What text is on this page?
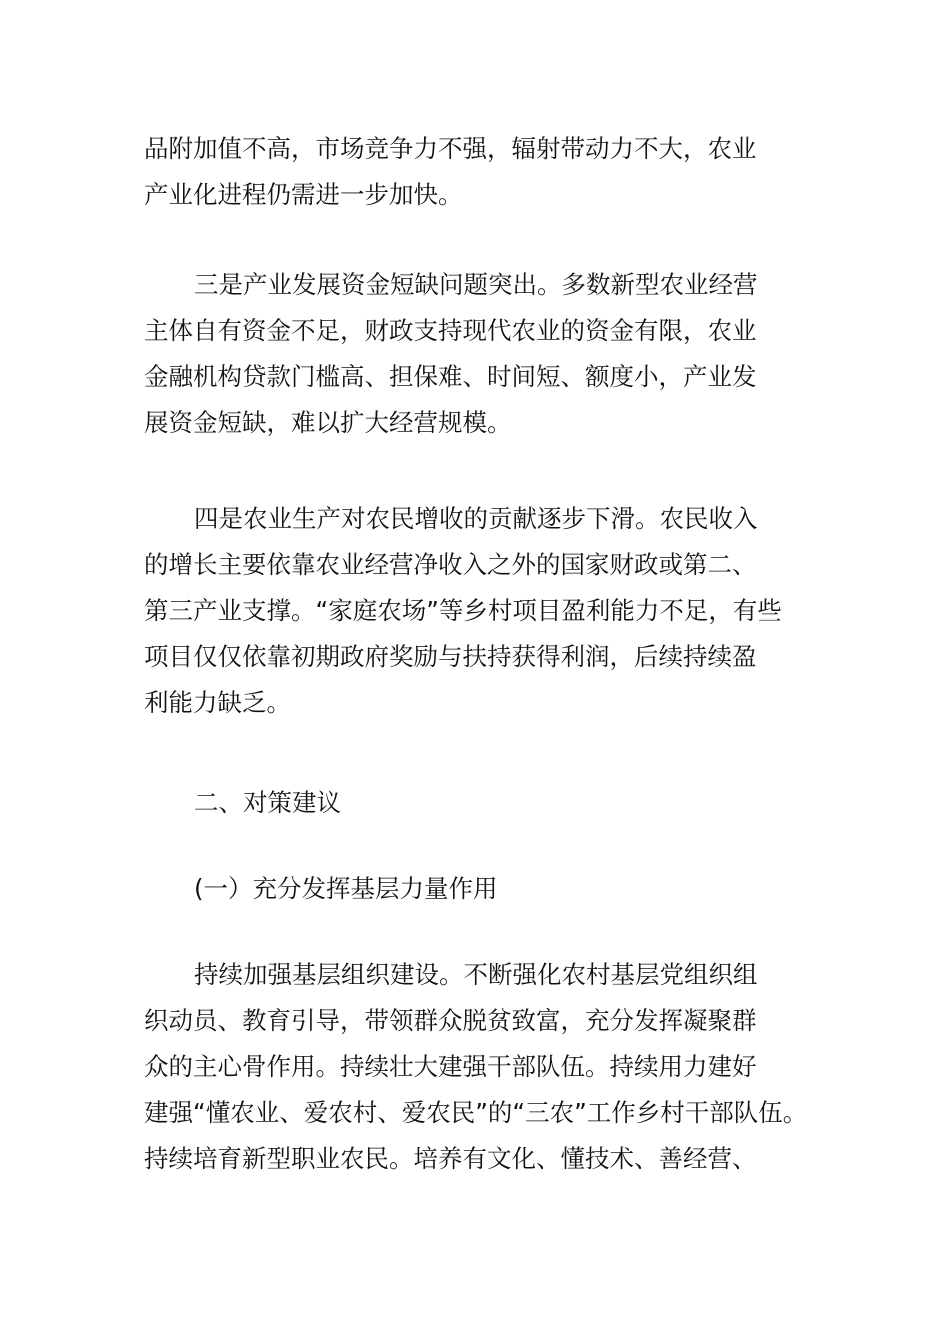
品附加值不高，市场竞争力不强，辐射带动力不大，农业
产业化进程仍需进一步加快。
三是产业发展资金短缺问题突出。多数新型农业经营
主体自有资金不足，财政支持现代农业的资金有限，农业
金融机构贷款门槛高、担保难、时间短、额度小，产业发
展资金短缺，难以扩大经营规模。
四是农业生产对农民增收的贡献逐步下滑。农民收入
的增长主要依靠农业经营净收入之外的国家财政或第二、
第三产业支撑。“家庭农场”等乡村项目盈利能力不足，有些
项目仅仅依靠初期政府奖励与扶持获得利润，后续持续盈
利能力缺乏。
二、对策建议
(一）充分发挥基层力量作用
持续加强基层组织建设。不断强化农村基层党组织组
织动员、教育引导，带领群众脱贫致富，充分发挥凝聚群
众的主心骨作用。持续壮大建强干部队伍。持续用力建好
建强“懂农业、爱农村、爱农民”的“三农”工作乡村干部队伍。
持续培育新型职业农民。培养有文化、懂技术、善经营、
